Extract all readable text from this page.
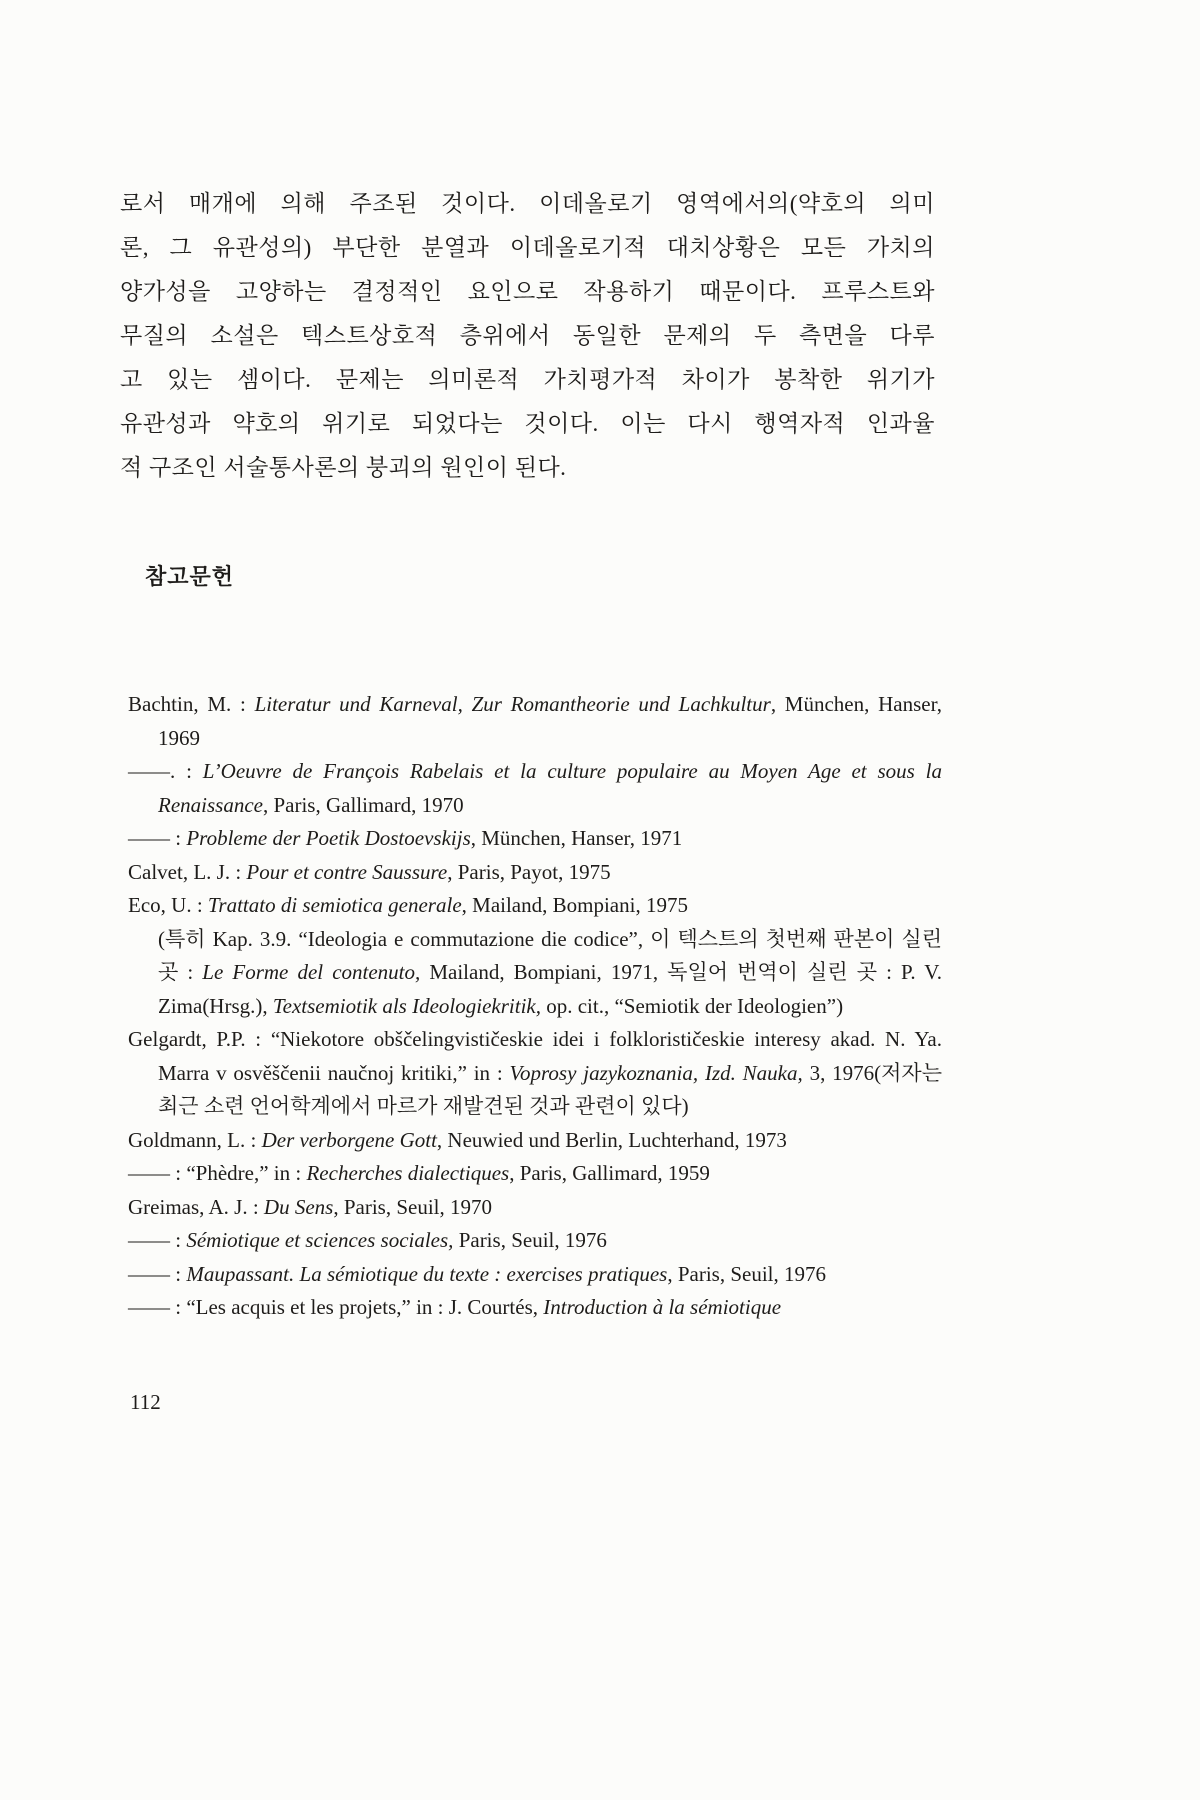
로서 매개에 의해 주조된 것이다. 이데올로기 영역에서의(약호의 의미
론, 그 유관성의) 부단한 분열과 이데올로기적 대치상황은 모든 가치의
양가성을 고양하는 결정적인 요인으로 작용하기 때문이다. 프루스트와
무질의 소설은 텍스트상호적 층위에서 동일한 문제의 두 측면을 다루
고 있는 셈이다. 문제는 의미론적 가치평가적 차이가 봉착한 위기가
유관성과 약호의 위기로 되었다는 것이다. 이는 다시 행역자적 인과율
적 구조인 서술통사론의 붕괴의 원인이 된다.
참고문헌

Bachtin, M. : Literatur und Karneval, Zur Romantheorie und Lachkultur, München, Hanser, 1969

——. : L’Oeuvre de François Rabelais et la culture populaire au Moyen Age et sous la Renaissance, Paris, Gallimard, 1970

—— : Probleme der Poetik Dostoevskijs, München, Hanser, 1971

Calvet, L. J. : Pour et contre Saussure, Paris, Payot, 1975

Eco, U. : Trattato di semiotica generale, Mailand, Bompiani, 1975

(특히 Kap. 3.9. “Ideologia e commutazione die codice”, 이 텍스트의 첫번째 판본이 실린 곳 : Le Forme del contenuto, Mailand, Bompiani, 1971, 독일어 번역이 실린 곳 : P. V. Zima(Hrsg.), Textsemiotik als Ideologiekritik, op. cit., “Semiotik der Ideologien”)

Gelgardt, P.P. : “Niekotore obščelingvističeskie idei i folklorističeskie interesy akad. N. Ya. Marra v osvěščenii naučnoj kritiki,” in : Voprosy jazykoznania, Izd. Nauka, 3, 1976(저자는 최근 소련 언어학계에서 마르가 재발견된 것과 관련이 있다)

Goldmann, L. : Der verborgene Gott, Neuwied und Berlin, Luchterhand, 1973

—— : “Phèdre,” in : Recherches dialectiques, Paris, Gallimard, 1959

Greimas, A. J. : Du Sens, Paris, Seuil, 1970

—— : Sémiotique et sciences sociales, Paris, Seuil, 1976

—— : Maupassant. La sémiotique du texte : exercises pratiques, Paris, Seuil, 1976

—— : “Les acquis et les projets,” in : J. Courtés, Introduction à la sémiotique

112
